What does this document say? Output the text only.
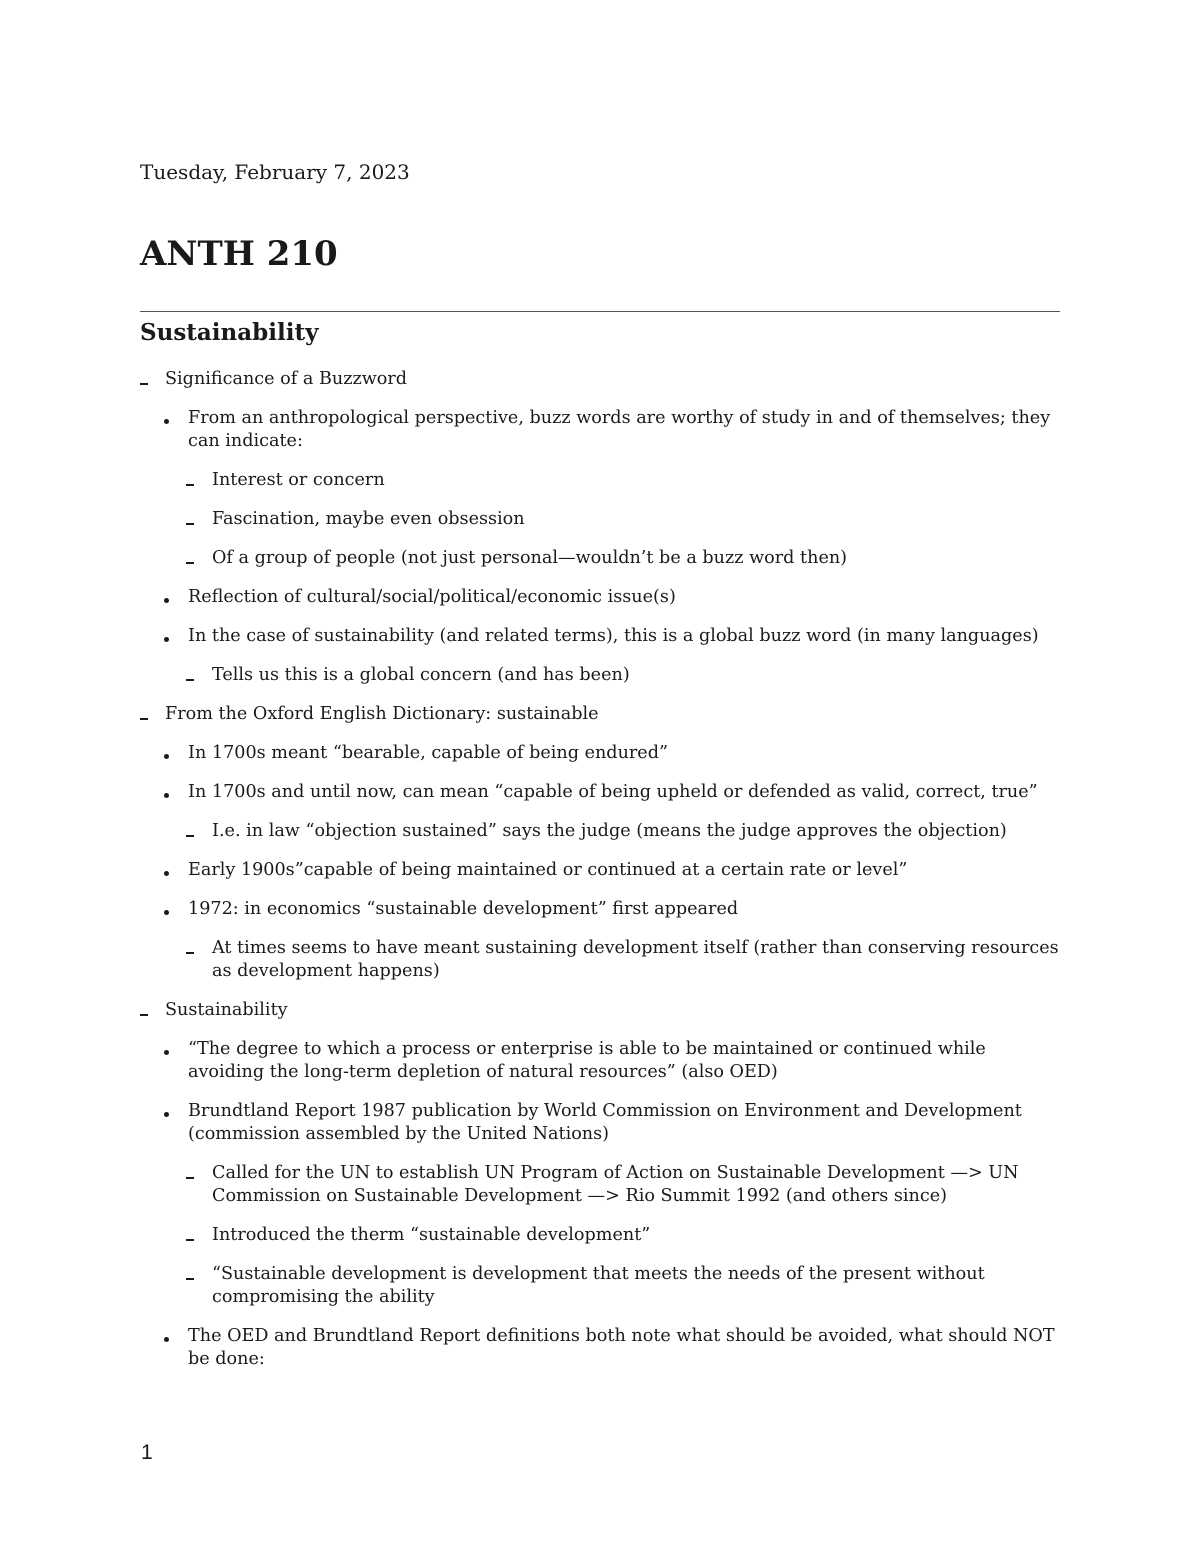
Tuesday, February 7, 2023
ANTH 210
Sustainability
Significance of a Buzzword
From an anthropological perspective, buzz words are worthy of study in and of themselves; they can indicate:
Interest or concern
Fascination, maybe even obsession
Of a group of people (not just personal—wouldn’t be a buzz word then)
Reflection of cultural/social/political/economic issue(s)
In the case of sustainability (and related terms), this is a global buzz word (in many languages)
Tells us this is a global concern (and has been)
From the Oxford English Dictionary: sustainable
In 1700s meant “bearable, capable of being endured”
In 1700s and until now, can mean “capable of being upheld or defended as valid, correct, true”
I.e. in law “objection sustained” says the judge (means the judge approves the objection)
Early 1900s”capable of being maintained or continued at a certain rate or level”
1972: in economics “sustainable development” first appeared
At times seems to have meant sustaining development itself (rather than conserving resources as development happens)
Sustainability
“The degree to which a process or enterprise is able to be maintained or continued while avoiding the long-term depletion of natural resources” (also OED)
Brundtland Report 1987 publication by World Commission on Environment and Development (commission assembled by the United Nations)
Called for the UN to establish UN Program of Action on Sustainable Development —> UN Commission on Sustainable Development —> Rio Summit 1992 (and others since)
Introduced the therm “sustainable development”
“Sustainable development is development that meets the needs of the present without compromising the ability
The OED and Brundtland Report definitions both note what should be avoided, what should NOT be done:
1
